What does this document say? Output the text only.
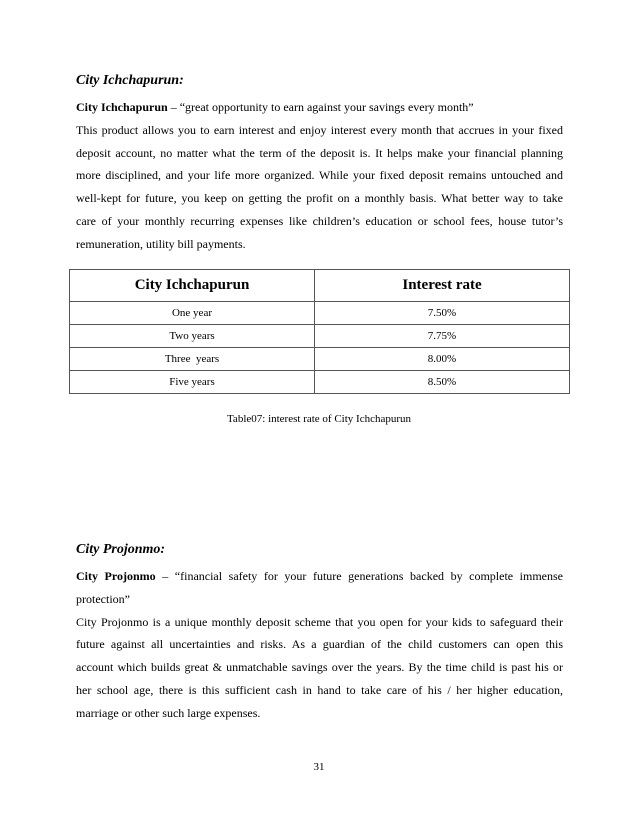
City Ichchapurun:
City Ichchapurun – “great opportunity to earn against your savings every month”
This product allows you to earn interest and enjoy interest every month that accrues in your fixed
deposit account, no matter what the term of the deposit is. It helps make your financial planning
more disciplined, and your life more organized. While your fixed deposit remains untouched and
well-kept for future, you keep on getting the profit on a monthly basis. What better way to take
care of your monthly recurring expenses like children’s education or school fees, house tutor’s
remuneration, utility bill payments.
City Ichchapurun	Interest rate
One year	7.50%
Two years	7.75%
Three  years	8.00%
Five years	8.50%
Table07: interest rate of City Ichchapurun
City Projonmo:
City Projonmo – “financial safety for your future generations backed by complete immense
protection”
City Projonmo is a unique monthly deposit scheme that you open for your kids to safeguard their
future against all uncertainties and risks. As a guardian of the child customers can open this
account which builds great & unmatchable savings over the years. By the time child is past his or
her school age, there is this sufficient cash in hand to take care of his / her higher education,
marriage or other such large expenses.
31
